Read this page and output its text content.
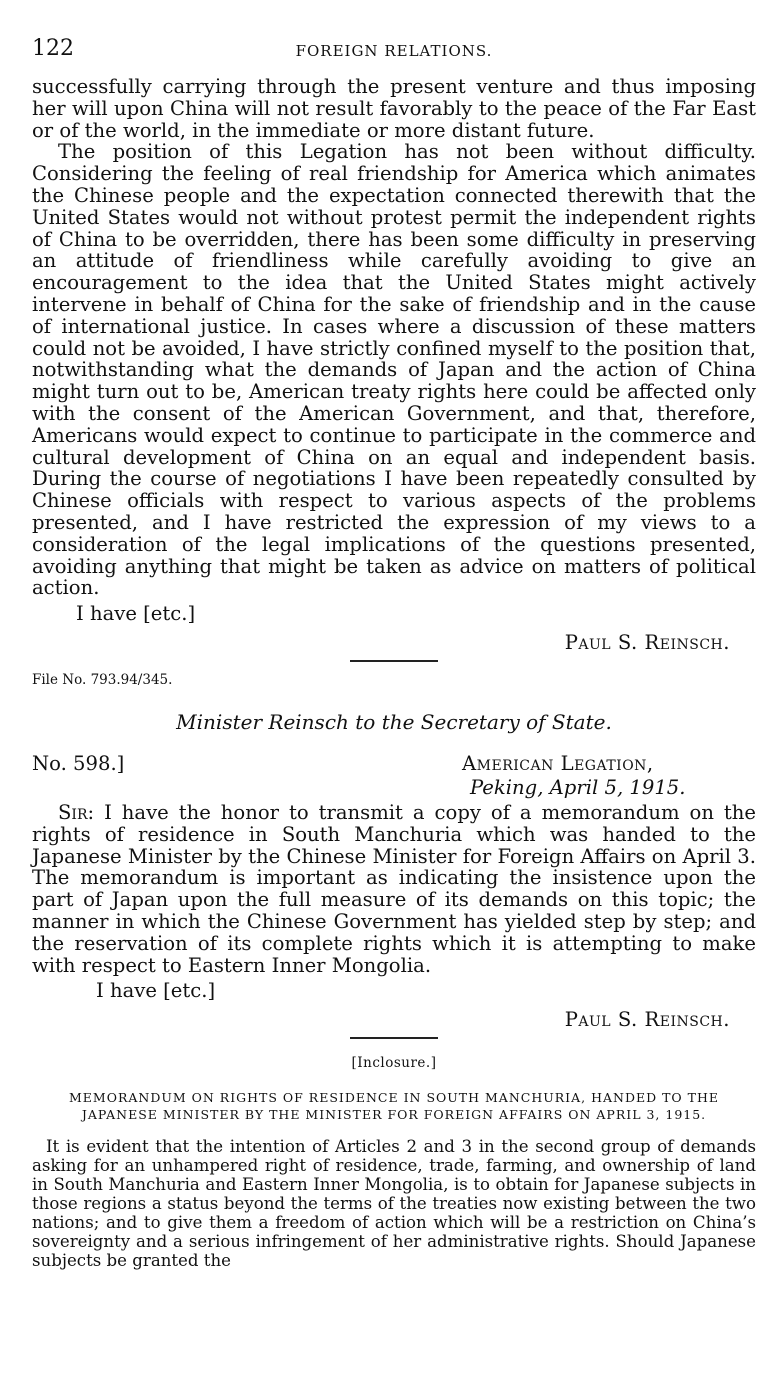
122	FOREIGN RELATIONS.

successfully carrying through the present venture and thus imposing her will upon China will not result favorably to the peace of the Far East or of the world, in the immediate or more distant future.

The position of this Legation has not been without difficulty. Considering the feeling of real friendship for America which animates the Chinese people and the expectation connected therewith that the United States would not without protest permit the independent rights of China to be overridden, there has been some difficulty in preserving an attitude of friendliness while carefully avoiding to give an encouragement to the idea that the United States might actively intervene in behalf of China for the sake of friendship and in the cause of international justice. In cases where a discussion of these matters could not be avoided, I have strictly confined myself to the position that, notwithstanding what the demands of Japan and the action of China might turn out to be, American treaty rights here could be affected only with the consent of the American Government, and that, therefore, Americans would expect to continue to participate in the commerce and cultural development of China on an equal and independent basis. During the course of negotiations I have been repeatedly consulted by Chinese officials with respect to various aspects of the problems presented, and I have restricted the expression of my views to a consideration of the legal implications of the questions presented, avoiding anything that might be taken as advice on matters of political action.

I have [etc.]
Paul S. Reinsch.
File No. 793.94/345.
Minister Reinsch to the Secretary of State.
No. 598.]	American Legation,
Peking, April 5, 1915.

Sir: I have the honor to transmit a copy of a memorandum on the rights of residence in South Manchuria which was handed to the Japanese Minister by the Chinese Minister for Foreign Affairs on April 3. The memorandum is important as indicating the insistence upon the part of Japan upon the full measure of its demands on this topic; the manner in which the Chinese Government has yielded step by step; and the reservation of its complete rights which it is attempting to make with respect to Eastern Inner Mongolia.

I have [etc.]
Paul S. Reinsch.
[Inclosure.]
MEMORANDUM ON RIGHTS OF RESIDENCE IN SOUTH MANCHURIA, HANDED TO THE JAPANESE MINISTER BY THE MINISTER FOR FOREIGN AFFAIRS ON APRIL 3, 1915.

It is evident that the intention of Articles 2 and 3 in the second group of demands asking for an unhampered right of residence, trade, farming, and ownership of land in South Manchuria and Eastern Inner Mongolia, is to obtain for Japanese subjects in those regions a status beyond the terms of the treaties now existing between the two nations; and to give them a freedom of action which will be a restriction on China’s sovereignty and a serious infringement of her administrative rights. Should Japanese subjects be granted the
